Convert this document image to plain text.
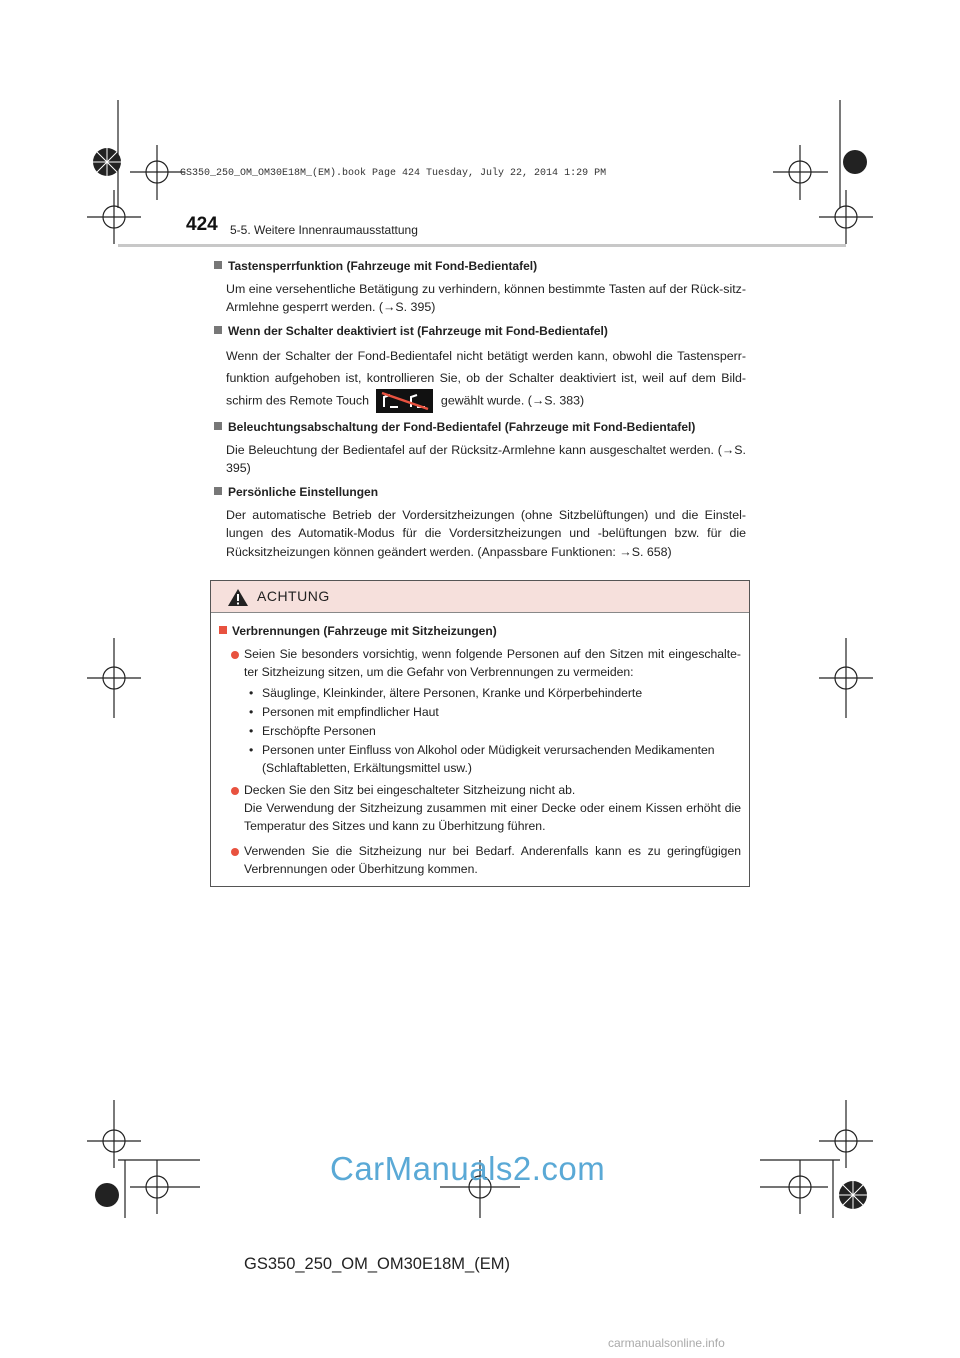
GS350_250_OM_OM30E18M_(EM).book Page 424 Tuesday, July 22, 2014 1:29 PM
424 5-5. Weitere Innenraumausstattung
Tastensperrfunktion (Fahrzeuge mit Fond-Bedientafel)

Um eine versehentliche Betätigung zu verhindern, können bestimmte Tasten auf der Rück-sitz-Armlehne gesperrt werden. (→S. 395)

Wenn der Schalter deaktiviert ist (Fahrzeuge mit Fond-Bedientafel)

Wenn der Schalter der Fond-Bedientafel nicht betätigt werden kann, obwohl die Tastensperr-funktion aufgehoben ist, kontrollieren Sie, ob der Schalter deaktiviert ist, weil auf dem Bild-schirm des Remote Touch	gewählt wurde. (→S. 383)

Beleuchtungsabschaltung der Fond-Bedientafel (Fahrzeuge mit Fond-Bedientafel)

Die Beleuchtung der Bedientafel auf der Rücksitz-Armlehne kann ausgeschaltet werden. (→S. 395)

Persönliche Einstellungen

Der automatische Betrieb der Vordersitzheizungen (ohne Sitzbelüftungen) und die Einstel-lungen des Automatik-Modus für die Vordersitzheizungen und -belüftungen bzw. für die Rücksitzheizungen können geändert werden. (Anpassbare Funktionen: →S. 658)

ACHTUNG
Verbrennungen (Fahrzeuge mit Sitzheizungen)
Seien Sie besonders vorsichtig, wenn folgende Personen auf den Sitzen mit eingeschalte-ter Sitzheizung sitzen, um die Gefahr von Verbrennungen zu vermeiden:
• Säuglinge, Kleinkinder, ältere Personen, Kranke und Körperbehinderte
• Personen mit empfindlicher Haut
• Erschöpfte Personen
• Personen unter Einfluss von Alkohol oder Müdigkeit verursachenden Medikamenten (Schlaftabletten, Erkältungsmittel usw.)
Decken Sie den Sitz bei eingeschalteter Sitzheizung nicht ab.
Die Verwendung der Sitzheizung zusammen mit einer Decke oder einem Kissen erhöht die Temperatur des Sitzes und kann zu Überhitzung führen.
Verwenden Sie die Sitzheizung nur bei Bedarf. Anderenfalls kann es zu geringfügigen Verbrennungen oder Überhitzung kommen.
CarManuals2.com
GS350_250_OM_OM30E18M_(EM)
carmanualsonline.info
